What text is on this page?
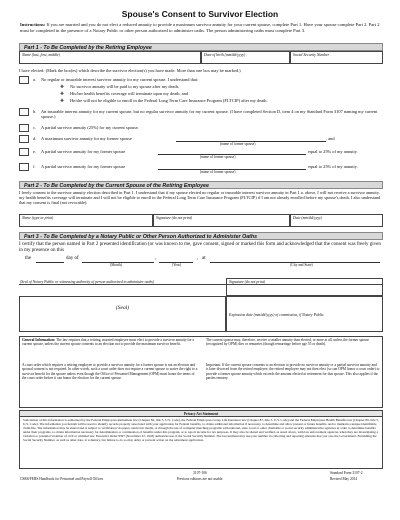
Spouse's Consent to Survivor Election
Instructions: If you are married and you do not elect a reduced annuity to provide a maximum survivor annuity for your current spouse, complete Part 1. Have your spouse complete Part 2. Part 2 must be completed in the presence of a Notary Public or other person authorized to administer oaths. The person administering oaths must complete Part 3.
Part 1 - To Be Completed by the Retiring Employee
Name (last, first, middle)	Date of birth (mm/dd/yyyy)	Social Security Number
I have elected: (Mark the box(es) which describe the survivor election(s) you have made. More than one box may be marked.)
a. No regular or insurable interest survivor annuity for my current spouse. I understand that:
❖ No survivor annuity will be paid to my spouse after my death,
❖ His/her health benefits coverage will terminate upon my death, and
❖ He/she will not be eligible to enroll in the Federal Long Term Care Insurance Program (FLTCIP) after my death.
b. An insurable interest annuity for my current spouse, but no regular survivor annuity for my current spouse. (I have completed Section D, item 4 on my Standard Form 3107 naming my current spouse.)
c. A partial survivor annuity (25%) for my current spouse.
d. A maximum survivor annuity for my former spouse	, and
(name of former spouse)
e. A partial survivor annuity for my former spouse	equal to 25% of my annuity.
(name of former spouse)
f. A partial survivor annuity for my former spouse	equal to 25% of my annuity.
(name of former spouse)
Part 2 - To Be Completed by the Current Spouse of the Retiring Employee
I freely consent to the survivor annuity election described in Part 1. I understand that if my spouse elected no regular or insurable interest survivor annuity in Part 1.a. above, I will not receive a survivor annuity, my health benefits coverage will terminate and I will not be eligible to enroll in the Federal Long Term Care Insurance Program (FLTCIP) if I am not already enrolled before my spouse's death. I also understand that my consent is final (not revocable).
Name (type or print)	Signature (do not print)	Date (mm/dd/yyyy)
Part 3 - To Be Completed by a Notary Public or Other Person Authorized to Administer Oaths
I certify that the person named in Part 2 presented identification (or was known to me, gave consent, signed or marked this form and acknowledged that the consent was freely given in my presence on this
the	day of	,	, at
(Month)	(Year)	(City and State)
(Seal of Notary Public or witnessing authority of person authorized to administer oaths)	Signature (do not print)
(Seal)
Expiration date (mm/dd/yyyy) of commission, if Notary Public.
General Information: The law requires that a retiring, married employee must elect to provide a survivor annuity for a current spouse, unless the current spouse consents to an election not to provide the maximum survivor benefit.
A court order which requires a retiring employee to provide a survivor annuity for a former spouse is not an election and spousal consent is not required. In other words, such a court order does not require a current spouse to waive the right to a survivor benefit for the spouse unless even though the Office of Personnel Management (OPM) must honor the terms of the court order before it can honor the election for the current spouse.
The current spouse may, therefore, receive a smaller annuity than elected, or none at all, unless the former spouse (recognized by OPM) dies or remarries (though remarriage before age 55 or death).
Important: If the current spouse consents to an election to provide no survivor annuity or a partial survivor annuity and is later divorced from the retired employee, the retired employee may not then elect (so can OPM honor a court order) to provide a former spouse annuity which exceeds the amount elected at retirement for that spouse. This also applies if the parties remarry.
Privacy Act Statement
Solicitation of this information is authorized by the Federal Employees Retirement law (Chapter 84, title 5, U.S. Code), the Federal Employees Group Life Insurance law (Chapter 87, title 5, U.S. Code) and the Federal Employees Health Benefits law (Chapter 89, title 5, U.S. Code). The information you furnish will be used to identify records properly associated with your application for Federal benefits, to obtain additional information if necessary, to determine and allow present or future benefits, and to maintain a unique identifiable claim file. The information may be shared and is subject to verification via paper, electronic media, or through the use of computer matching programs with national, state, local or other charitable or social security administrative agencies in order to determine benefits under their programs, to obtain information necessary for determination or continuation of benefits under this program, or to report income for tax purposes. It may also be shared and verified, as noted above, with law enforcement agencies when they are investigating a violation or potential violation of civil or criminal law. Executive Order 9397 (November 22, 1943) authorizes use of the Social Security Number. The Government may use your number in collecting and reporting amounts that you owe the Government. Furnishing the Social Security Number, as well as other data, is voluntary, but failure to do so may delay or prevent action on the retirement application.
CSRS/FERS Handbook for Personnel and Payroll Offices
3107-106
Previous editions are not usable.
Standard Form 3107-2
Revised May 2014
